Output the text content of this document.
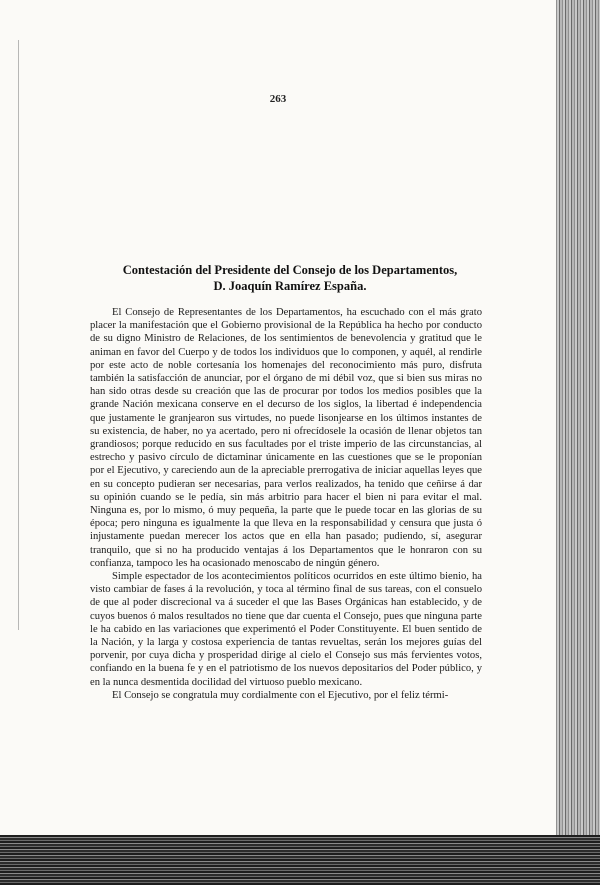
263
Contestación del Presidente del Consejo de los Departamentos,
D. Joaquín Ramírez España.

El Consejo de Representantes de los Departamentos, ha escuchado con el más grato placer la manifestación que el Gobierno provisional de la República ha hecho por conducto de su digno Ministro de Relaciones, de los sentimientos de benevolencia y gratitud que le animan en favor del Cuerpo y de todos los individuos que lo componen, y aquél, al rendirle por este acto de noble cortesanía los homenajes del reconocimiento más puro, disfruta también la satisfacción de anunciar, por el órgano de mi débil voz, que si bien sus miras no han sido otras desde su creación que las de procurar por todos los medios posibles que la grande Nación mexicana conserve en el decurso de los siglos, la libertad é independencia que justamente le granjearon sus virtudes, no puede lisonjearse en los últimos instantes de su existencia, de haber, no ya acertado, pero ni ofrecídosele la ocasión de llenar objetos tan grandiosos; porque reducido en sus facultades por el triste imperio de las circunstancias, al estrecho y pasivo círculo de dictaminar únicamente en las cuestiones que se le proponían por el Ejecutivo, y careciendo aun de la apreciable prerrogativa de iniciar aquellas leyes que en su concepto pudieran ser necesarias, para verlos realizados, ha tenido que ceñirse á dar su opinión cuando se le pedía, sin más arbitrio para hacer el bien ni para evitar el mal. Ninguna es, por lo mismo, ó muy pequeña, la parte que le puede tocar en las glorias de su época; pero ninguna es igualmente la que lleva en la responsabilidad y censura que justa ó injustamente puedan merecer los actos que en ella han pasado; pudiendo, sí, asegurar tranquilo, que si no ha producido ventajas á los Departamentos que le honraron con su confianza, tampoco les ha ocasionado menoscabo de ningún género.

Simple espectador de los acontecimientos políticos ocurridos en este último bienio, ha visto cambiar de fases á la revolución, y toca al término final de sus tareas, con el consuelo de que al poder discrecional va á suceder el que las Bases Orgánicas han establecido, y de cuyos buenos ó malos resultados no tiene que dar cuenta el Consejo, pues que ninguna parte le ha cabido en las variaciones que experimentó el Poder Constituyente. El buen sentido de la Nación, y la larga y costosa experiencia de tantas revueltas, serán los mejores guías del porvenir, por cuya dicha y prosperidad dirige al cielo el Consejo sus más fervientes votos, confiando en la buena fe y en el patriotismo de los nuevos depositarios del Poder público, y en la nunca desmentida docilidad del virtuoso pueblo mexicano.

El Consejo se congratula muy cordialmente con el Ejecutivo, por el feliz térmi-
